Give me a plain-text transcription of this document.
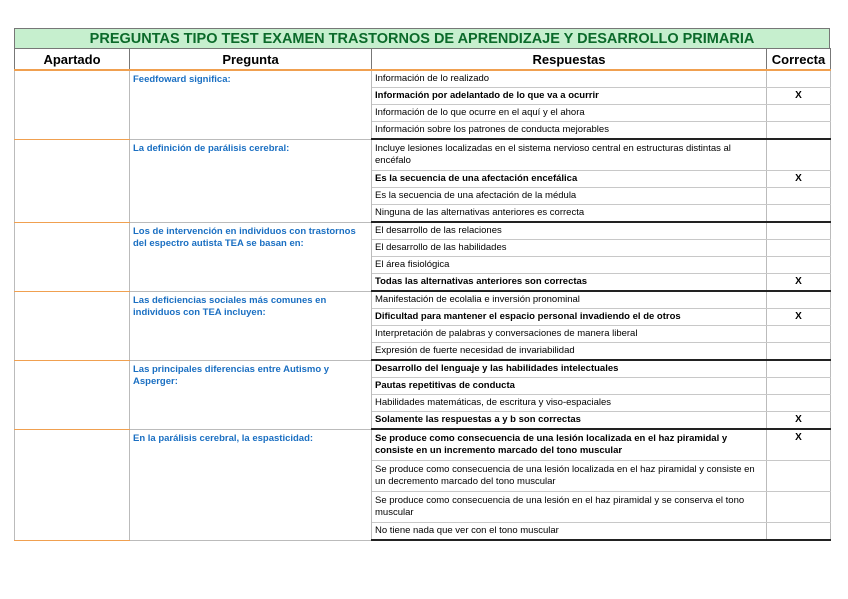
PREGUNTAS TIPO TEST EXAMEN TRASTORNOS DE APRENDIZAJE Y DESARROLLO PRIMARIA
Apartado	Pregunta	Respuestas	Correcta
	Feedfoward significa:	Información de lo realizado	
		Información por adelantado de lo que va a ocurrir	X
		Información de lo que ocurre en el aquí y el ahora	
		Información sobre los patrones de conducta mejorables	
	La definición de parálisis cerebral:	Incluye lesiones localizadas en el sistema nervioso central en estructuras distintas al encéfalo	
		Es la secuencia de una afectación encefálica	X
		Es la secuencia de una afectación de la médula	
		Ninguna de las alternativas anteriores es correcta	
	Los de intervención en individuos con trastornos del espectro autista TEA se basan en:	El desarrollo de las relaciones	
		El desarrollo de las habilidades	
		El área fisiológica	
		Todas las alternativas anteriores son correctas	X
	Las deficiencias sociales más comunes en individuos con TEA incluyen:	Manifestación de ecolalia e inversión pronominal	
		Dificultad para mantener el espacio personal invadiendo el de otros	X
		Interpretación de palabras y conversaciones de manera liberal	
		Expresión de fuerte necesidad de invariabilidad	
	Las principales diferencias entre Autismo y Asperger:	Desarrollo del lenguaje y las habilidades intelectuales	
		Pautas repetitivas de conducta	
		Habilidades matemáticas, de escritura y viso-espaciales	
		Solamente las respuestas a y b son correctas	X
	En la parálisis cerebral, la espasticidad:	Se produce como consecuencia de una lesión localizada en el haz piramidal y consiste en un incremento marcado del tono muscular	X
		Se produce como consecuencia de una lesión localizada en el haz piramidal y consiste en un decremento marcado del tono muscular	
		Se produce como consecuencia de una lesión en el haz piramidal y se conserva el tono muscular	
		No tiene nada que ver con el tono muscular	
